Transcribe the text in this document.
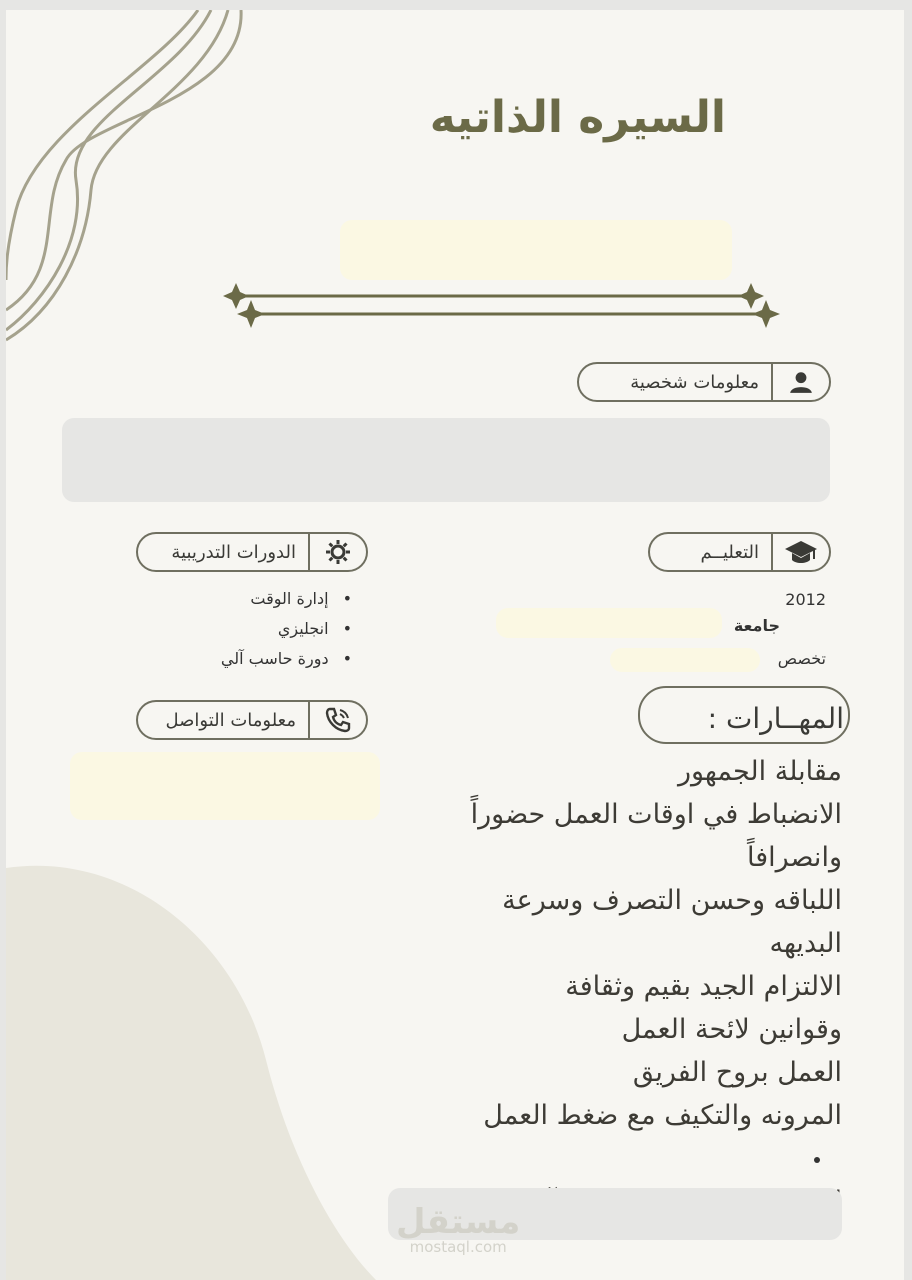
السيره الذاتيه
معلومات شخصية
التعليــم
الدورات التدريبية
2012
جامعة
تخصص
• إدارة الوقت
• انجليزي
• دورة حاسب آلي
معلومات التواصل	المهــارات :
مقابلة الجمهور
الانضباط في اوقات العمل حضوراً
وانصرافاً
اللباقه وحسن التصرف وسرعة
البديهه
الالتزام الجيد بقيم وثقافة
وقوانين لائحة العمل
العمل بروح الفريق
المرونه والتكيف مع ضغط العمل
مستقل
mostaql.com
